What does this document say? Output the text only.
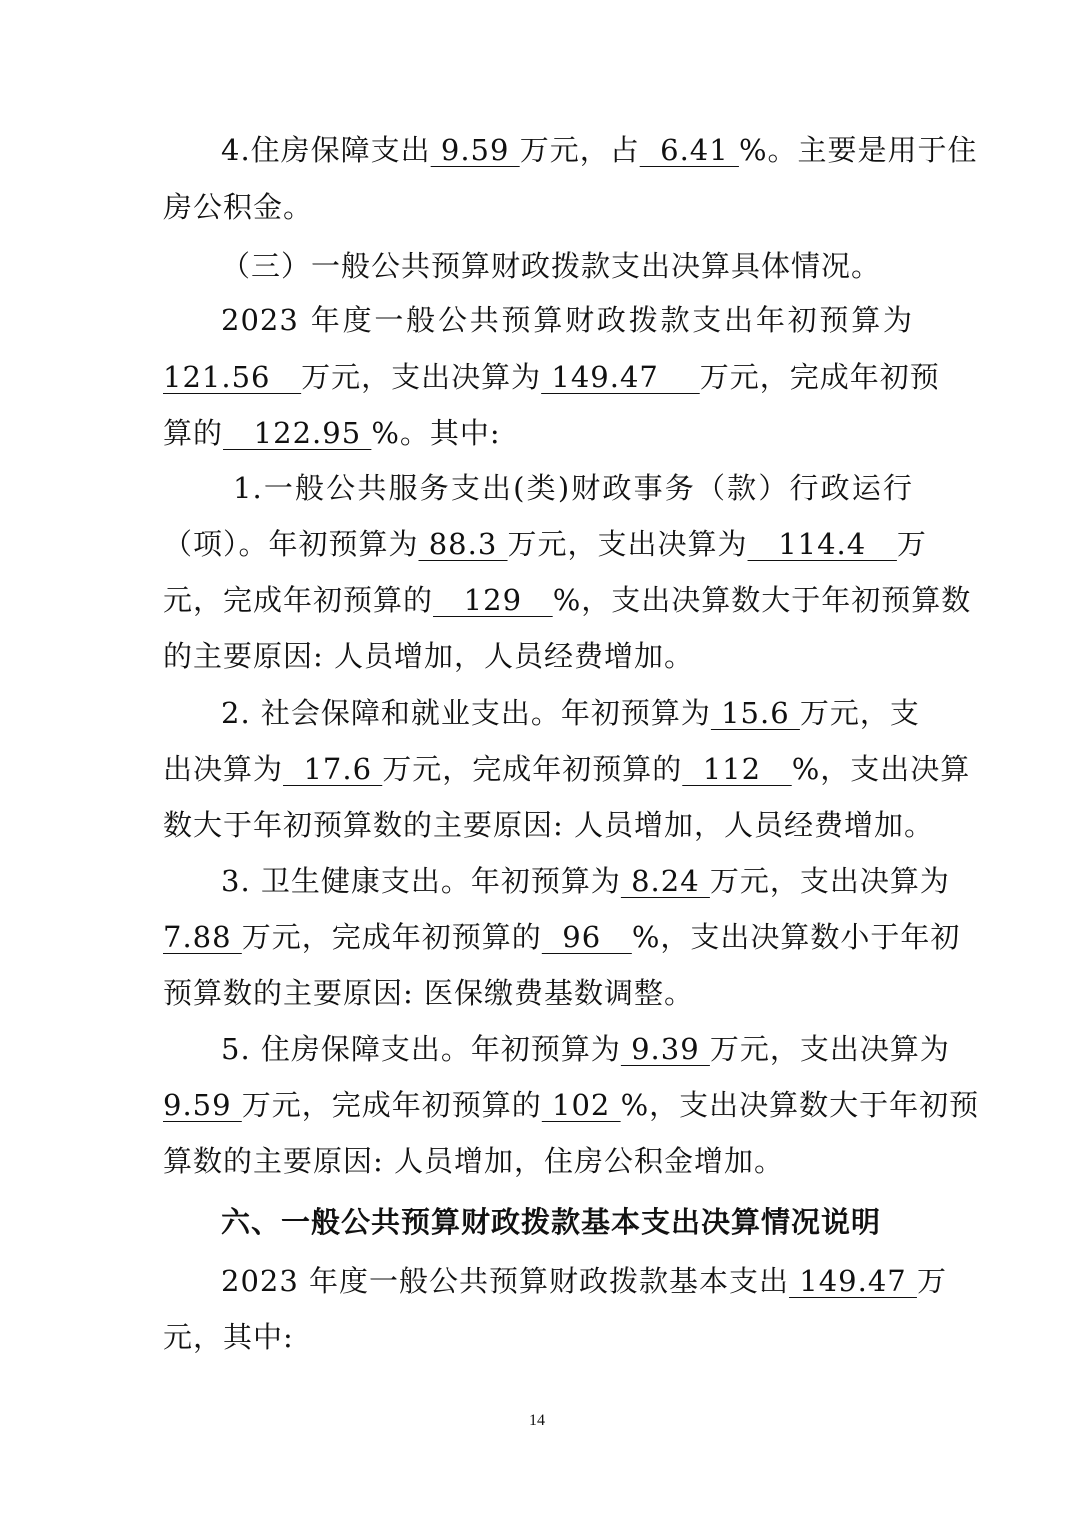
4.住房保障支出 9.59 万元，占  6.41 %。主要是用于住
房公积金。
（三）一般公共预算财政拨款支出决算具体情况。
2023 年度一般公共预算财政拨款支出年初预算为
121.56   万元，支出决算为 149.47    万元，完成年初预
算的   122.95 %。其中:
1.一般公共服务支出(类)财政事务（款）行政运行
（项）。年初预算为 88.3 万元，支出决算为   114.4   万
元，完成年初预算的   129   %，支出决算数大于年初预算数
的主要原因: 人员增加，人员经费增加。
2. 社会保障和就业支出。年初预算为 15.6 万元，支
出决算为  17.6 万元，完成年初预算的  112   %，支出决算
数大于年初预算数的主要原因: 人员增加，人员经费增加。
3. 卫生健康支出。年初预算为 8.24 万元，支出决算为
7.88 万元，完成年初预算的  96   %，支出决算数小于年初
预算数的主要原因: 医保缴费基数调整。
5. 住房保障支出。年初预算为 9.39 万元，支出决算为
9.59 万元，完成年初预算的 102 %，支出决算数大于年初预
算数的主要原因: 人员增加，住房公积金增加。
六、一般公共预算财政拨款基本支出决算情况说明
2023 年度一般公共预算财政拨款基本支出 149.47 万
元，其中:
14
